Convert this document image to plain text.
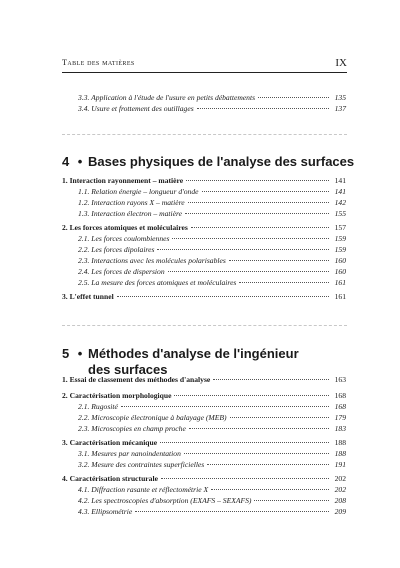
Table des matières	IX
3.3. Application à l'étude de l'usure en petits débattements	135
3.4. Usure et frottement des outillages	137
4 • Bases physiques de l'analyse des surfaces
1. Interaction rayonnement – matière	141
1.1. Relation énergie – longueur d'onde	141
1.2. Interaction rayons X – matière	142
1.3. Interaction électron – matière	155
2. Les forces atomiques et moléculaires	157
2.1. Les forces coulombiennes	159
2.2. Les forces dipolaires	159
2.3. Interactions avec les molécules polarisables	160
2.4. Les forces de dispersion	160
2.5. La mesure des forces atomiques et moléculaires	161
3. L'effet tunnel	161
5 • Méthodes d'analyse de l'ingénieur
des surfaces
1. Essai de classement des méthodes d'analyse	163
2. Caractérisation morphologique	168
2.1. Rugosité	168
2.2. Microscopie électronique à balayage (MEB)	179
2.3. Microscopies en champ proche	183
3. Caractérisation mécanique	188
3.1. Mesures par nanoindentation	188
3.2. Mesure des contraintes superficielles	191
4. Caractérisation structurale	202
4.1. Diffraction rasante et réflectométrie X	202
4.2. Les spectroscopies d'absorption (EXAFS – SEXAFS)	208
4.3. Ellipsométrie	209
